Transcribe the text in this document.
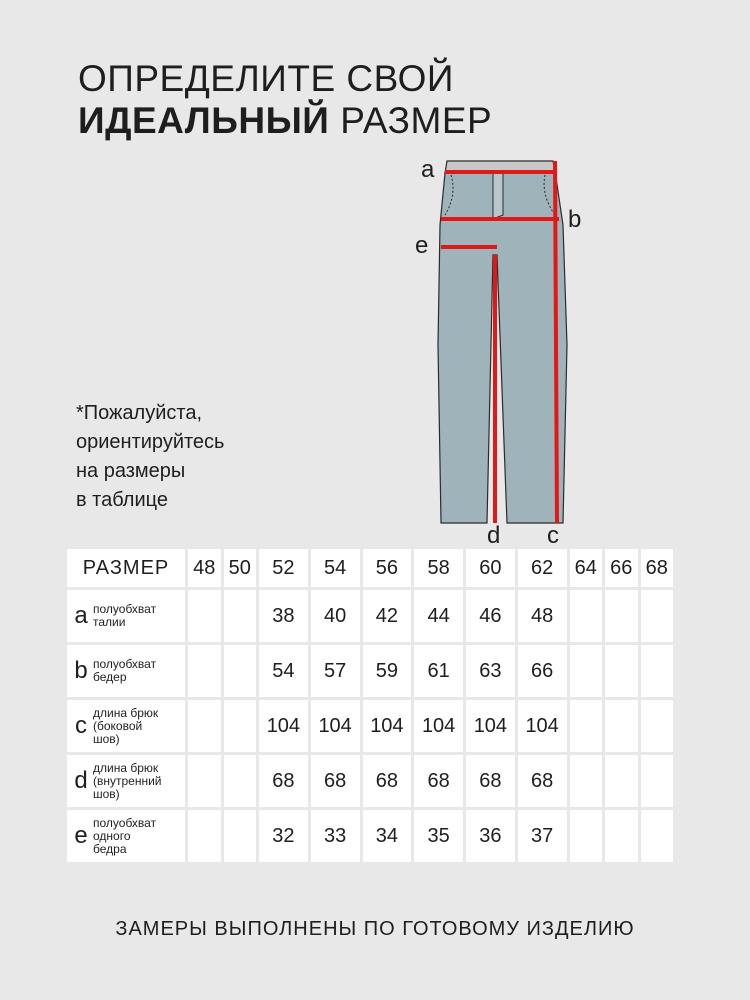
ОПРЕДЕЛИТЕ СВОЙ
ИДЕАЛЬНЫЙ РАЗМЕР
*Пожалуйста,
ориентируйтесь
на размеры
в таблице
a
b
e
d c
РАЗМЕР	48	50	52	54	56	58	60	62	64	66	68
a полуобхват
талии			38	40	42	44	46	48			
b полуобхват
бедер			54	57	59	61	63	66			
c длина брюк
(боковой
шов)			104	104	104	104	104	104			
d длина брюк
(внутренний
шов)			68	68	68	68	68	68			
e полуобхват
одного
бедра			32	33	34	35	36	37			
ЗАМЕРЫ ВЫПОЛНЕНЫ ПО ГОТОВОМУ ИЗДЕЛИЮ
